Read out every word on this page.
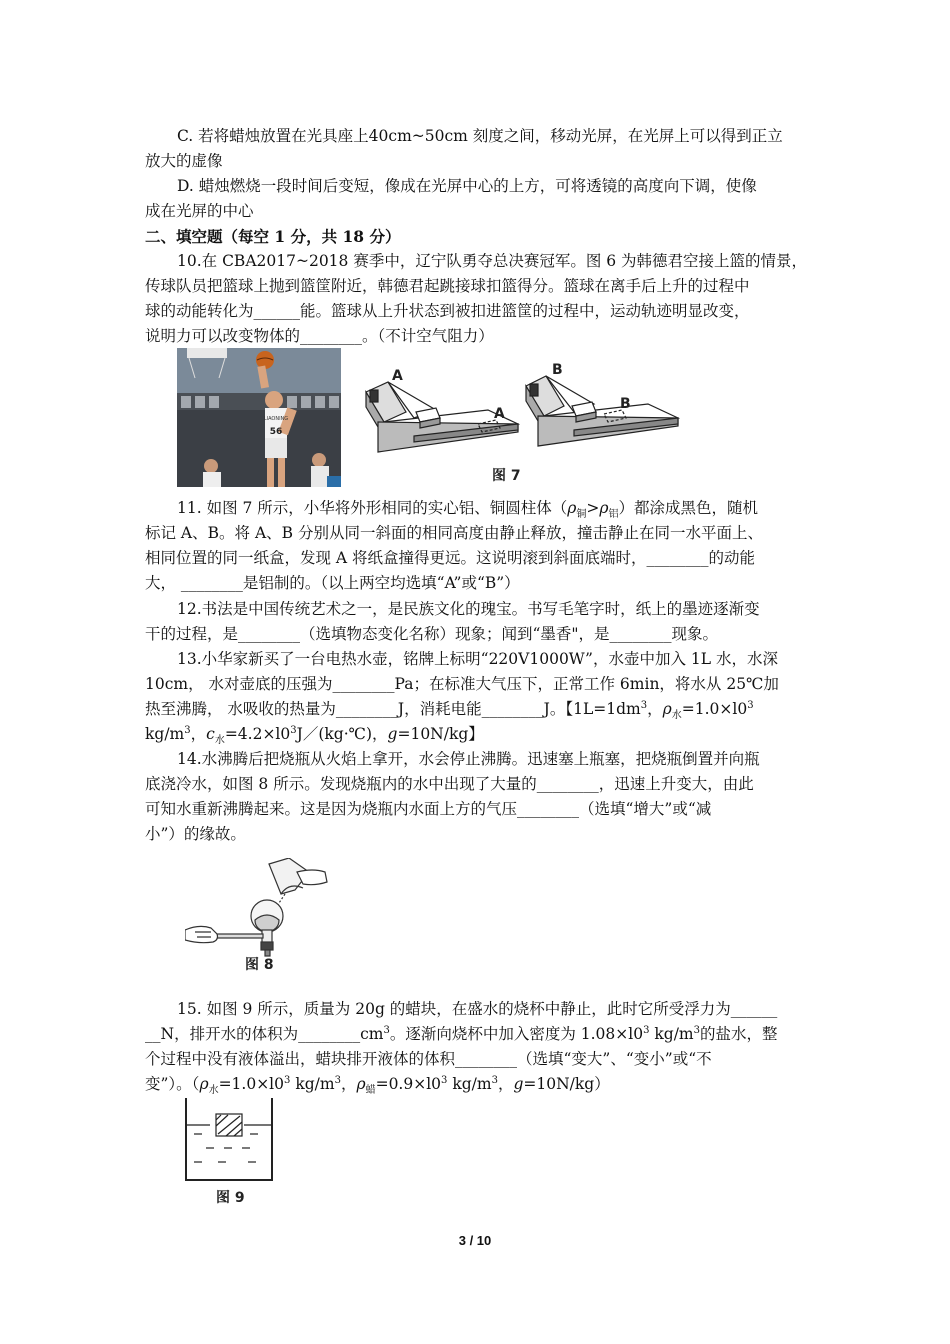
C. 若将蜡烛放置在光具座上40cm~50cm 刻度之间，移动光屏，在光屏上可以得到正立

放大的虚像

D. 蜡烛燃烧一段时间后变短，像成在光屏中心的上方，可将透镜的高度向下调，使像

成在光屏的中心

二、填空题（每空 1 分，共 18 分）

10.在 CBA2017~2018 赛季中，辽宁队勇夺总决赛冠军。图 6 为韩德君空接上篮的情景，

传球队员把篮球上抛到篮筐附近，韩德君起跳接球扣篮得分。篮球在离手后上升的过程中

球的动能转化为______能。篮球从上升状态到被扣进篮筐的过程中，运动轨迹明显改变，

说明力可以改变物体的________。（不计空气阻力）

LIAONING
56
A
A
B
B
图 7

11. 如图 7 所示，小华将外形相同的实心铝、铜圆柱体$(\rho_铜>\rho_铝)$都涂成黑色，随机

标记 A、B。将 A、B 分别从同一斜面的相同高度由静止释放，撞击静止在同一水平面上、

相同位置的同一纸盒，发现 A 将纸盒撞得更远。这说明滚到斜面底端时，________的动能

大， ________是铝制的。（以上两空均选填“A”或“B”）

12.书法是中国传统艺术之一，是民族文化的瑰宝。书写毛笔字时，纸上的墨迹逐渐变

干的过程，是________（选填物态变化名称）现象；闻到“墨香"，是________现象。

13.小华家新买了一台电热水壶，铭牌上标明“220V1000W”，水壶中加入 1L 水，水深

10cm， 水对壶底的压强为________Pa；在标准大气压下，正常工作 6min，将水从 25℃加

热至沸腾， 水吸收的热量为________J，消耗电能________J。【$1L=1dm^3$，$\rho_水=1.0\times l0^3$

$kg/m^3$，$c_水=4.2\times l0^3J/(kg\cdot℃)$，g=10N/kg】

14.水沸腾后把烧瓶从火焰上拿开，水会停止沸腾。迅速塞上瓶塞，把烧瓶倒置并向瓶

底浇冷水，如图 8 所示。发现烧瓶内的水中出现了大量的________，迅速上升变大，由此

可知水重新沸腾起来。这是因为烧瓶内水面上方的气压________（选填“增大”或“减

小”）的缘故。

图 8

15. 如图 9 所示，质量为 20g 的蜡块，在盛水的烧杯中静止，此时它所受浮力为______

__N，排开水的体积为$\_\_\_\_\_\_\_\_cm^3$。逐渐向烧杯中加入密度为 $1.08\times l0^3$ $kg/m^3$的盐水，整

个过程中没有液体溢出，蜡块排开液体的体积________（选填“变大”、“变小”或“不

变”）。（$\rho_水=1.0\times l0^3$ $kg/m^3$，$\rho_蜡=0.9\times l0^3$ $kg/m^3$，g=10N/kg）

图 9
3 / 10
